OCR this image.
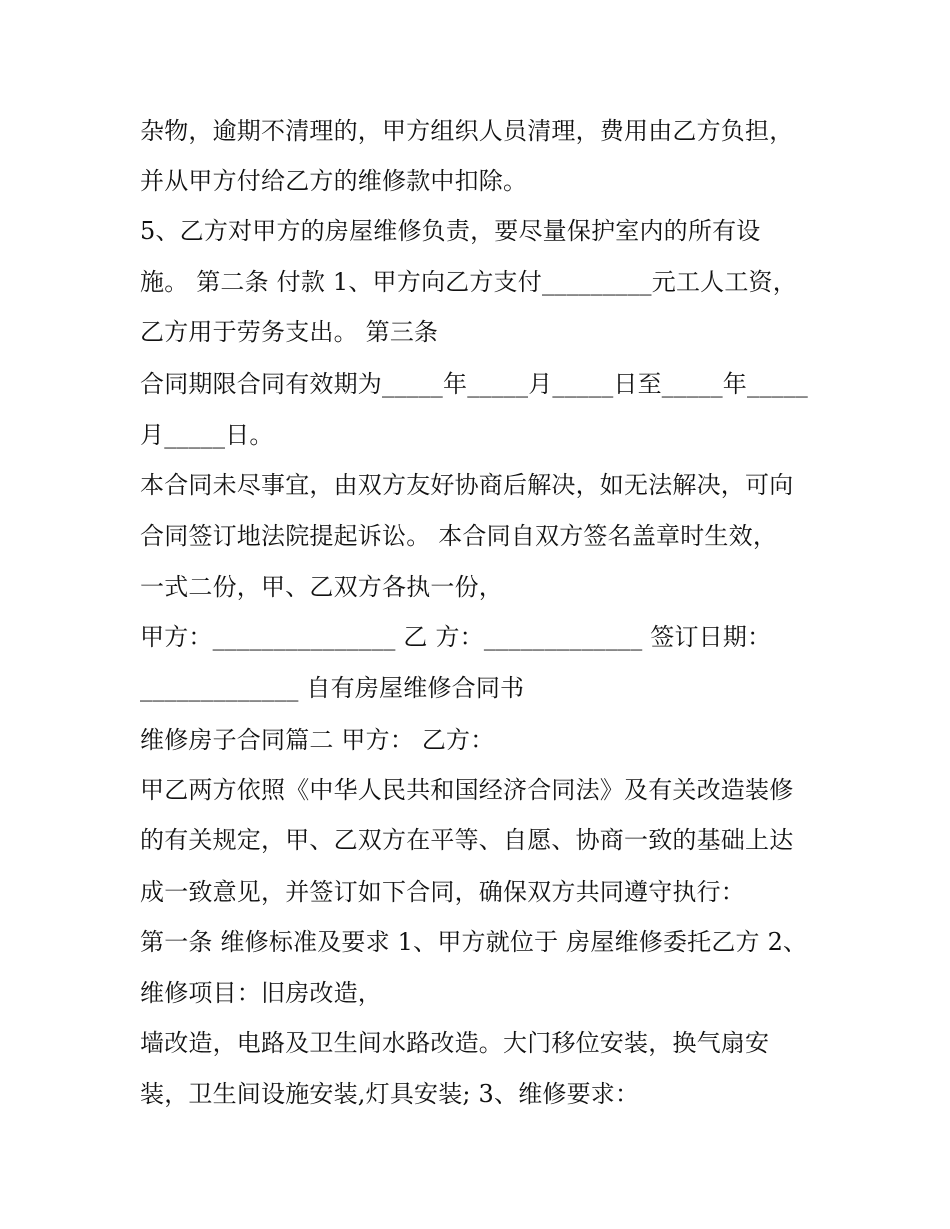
杂物，逾期不清理的，甲方组织人员清理，费用由乙方负担，
并从甲方付给乙方的维修款中扣除。
5、乙方对甲方的房屋维修负责，要尽量保护室内的所有设
施。 第二条 付款 1、甲方向乙方支付_________元工人工资，
乙方用于劳务支出。 第三条
合同期限合同有效期为_____年_____月_____日至_____年_____
月_____日。
本合同未尽事宜，由双方友好协商后解决，如无法解决，可向
合同签订地法院提起诉讼。 本合同自双方签名盖章时生效，
一式二份，甲、乙双方各执一份，
甲方：_______________ 乙 方：_____________ 签订日期：
_____________ 自有房屋维修合同书
维修房子合同篇二 甲方： 乙方：
甲乙两方依照《中华人民共和国经济合同法》及有关改造装修
的有关规定，甲、乙双方在平等、自愿、协商一致的基础上达
成一致意见，并签订如下合同，确保双方共同遵守执行：
第一条 维修标准及要求 1、甲方就位于 房屋维修委托乙方 2、
维修项目：旧房改造，
墙改造，电路及卫生间水路改造。大门移位安装，换气扇安
装，卫生间设施安装,灯具安装; 3、维修要求：
